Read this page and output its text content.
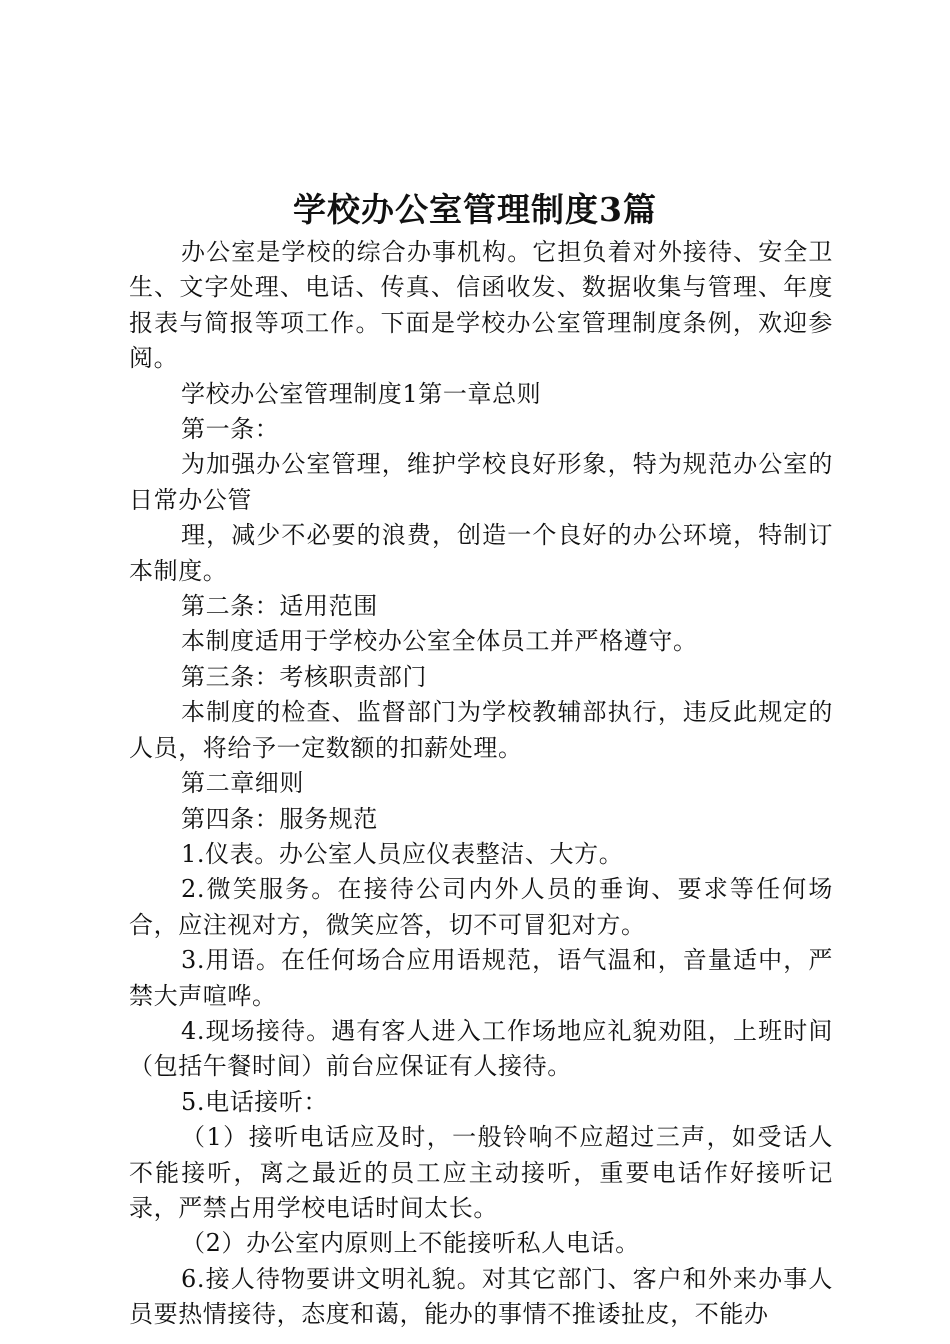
学校办公室管理制度3篇

办公室是学校的综合办事机构。它担负着对外接待、安全卫生、文字处理、电话、传真、信函收发、数据收集与管理、年度报表与简报等项工作。下面是学校办公室管理制度条例，欢迎参阅。

学校办公室管理制度1第一章总则

第一条：

为加强办公室管理，维护学校良好形象，特为规范办公室的日常办公管

理，减少不必要的浪费，创造一个良好的办公环境，特制订本制度。

第二条：适用范围

本制度适用于学校办公室全体员工并严格遵守。

第三条：考核职责部门

本制度的检查、监督部门为学校教辅部执行，违反此规定的人员，将给予一定数额的扣薪处理。

第二章细则

第四条：服务规范

1.仪表。办公室人员应仪表整洁、大方。

2.微笑服务。在接待公司内外人员的垂询、要求等任何场合，应注视对方，微笑应答，切不可冒犯对方。

3.用语。在任何场合应用语规范，语气温和，音量适中，严禁大声喧哗。

4.现场接待。遇有客人进入工作场地应礼貌劝阻，上班时间（包括午餐时间）前台应保证有人接待。

5.电话接听：

（1）接听电话应及时，一般铃响不应超过三声，如受话人不能接听，离之最近的员工应主动接听，重要电话作好接听记录，严禁占用学校电话时间太长。

（2）办公室内原则上不能接听私人电话。

6.接人待物要讲文明礼貌。对其它部门、客户和外来办事人员要热情接待，态度和蔼，能办的事情不推诿扯皮，不能办
